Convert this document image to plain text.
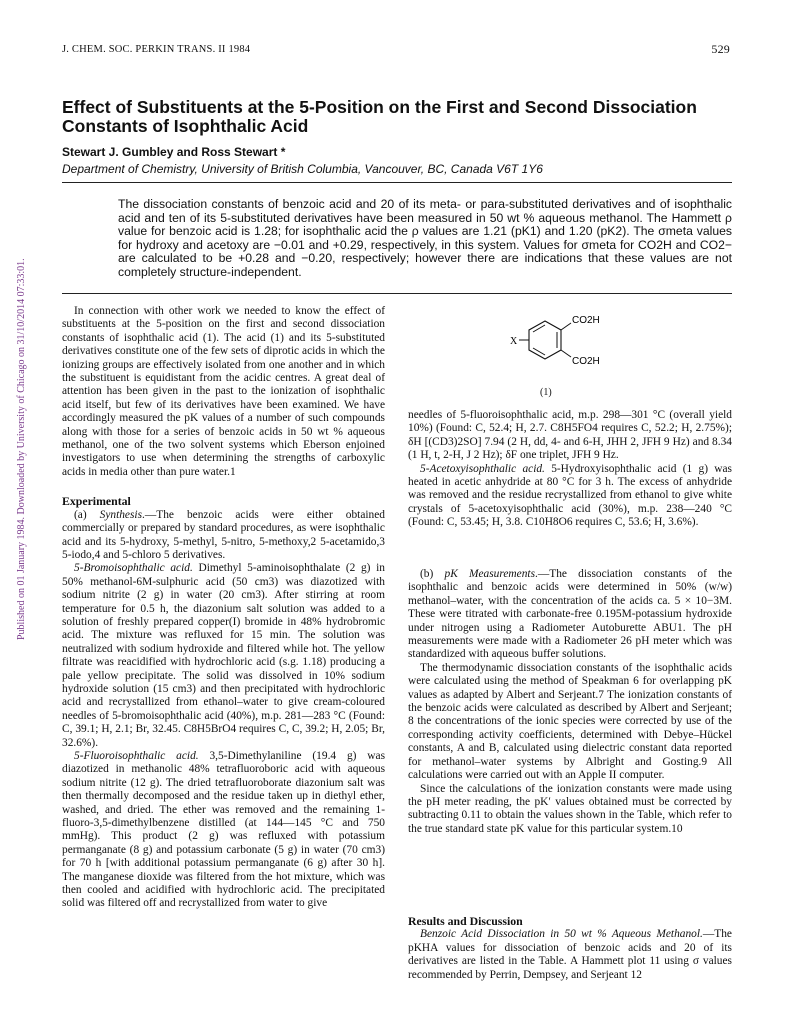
J. CHEM. SOC. PERKIN TRANS. II 1984	529
Published on 01 January 1984. Downloaded by University of Chicago on 31/10/2014 07:33:01.
Effect of Substituents at the 5-Position on the First and Second Dissociation Constants of Isophthalic Acid
Stewart J. Gumbley and Ross Stewart *
Department of Chemistry, University of British Columbia, Vancouver, BC, Canada V6T 1Y6

The dissociation constants of benzoic acid and 20 of its meta- or para-substituted derivatives and of isophthalic acid and ten of its 5-substituted derivatives have been measured in 50 wt % aqueous methanol. The Hammett ρ value for benzoic acid is 1.28; for isophthalic acid the ρ values are 1.21 (pK1) and 1.20 (pK2). The σmeta values for hydroxy and acetoxy are −0.01 and +0.29, respectively, in this system. Values for σmeta for CO2H and CO2− are calculated to be +0.28 and −0.20, respectively; however there are indications that these values are not completely structure-independent.

In connection with other work we needed to know the effect of substituents at the 5-position on the first and second dissociation constants of isophthalic acid (1). The acid (1) and its 5-substituted derivatives constitute one of the few sets of diprotic acids in which the ionizing groups are effectively isolated from one another and in which the substituent is equidistant from the acidic centres. A great deal of attention has been given in the past to the ionization of isophthalic acid itself, but few of its derivatives have been examined. We have accordingly measured the pK values of a number of such compounds along with those for a series of benzoic acids in 50 wt % aqueous methanol, one of the two solvent systems which Eberson enjoined investigators to use when determining the strengths of carboxylic acids in media other than pure water.1

Experimental

(a) Synthesis.—The benzoic acids were either obtained commercially or prepared by standard procedures, as were isophthalic acid and its 5-hydroxy, 5-methyl, 5-nitro, 5-methoxy,2 5-acetamido,3 5-iodo,4 and 5-chloro 5 derivatives.

5-Bromoisophthalic acid. Dimethyl 5-aminoisophthalate (2 g) in 50% methanol-6M-sulphuric acid (50 cm3) was diazotized with sodium nitrite (2 g) in water (20 cm3). After stirring at room temperature for 0.5 h, the diazonium salt solution was added to a solution of freshly prepared copper(I) bromide in 48% hydrobromic acid. The mixture was refluxed for 15 min. The solution was neutralized with sodium hydroxide and filtered while hot. The yellow filtrate was reacidified with hydrochloric acid (s.g. 1.18) producing a pale yellow precipitate. The solid was dissolved in 10% sodium hydroxide solution (15 cm3) and then precipitated with hydrochloric acid and recrystallized from ethanol–water to give cream-coloured needles of 5-bromoisophthalic acid (40%), m.p. 281—283 °C (Found: C, 39.1; H, 2.1; Br, 32.45. C8H5BrO4 requires C, C, 39.2; H, 2.05; Br, 32.6%).

5-Fluoroisophthalic acid. 3,5-Dimethylaniline (19.4 g) was diazotized in methanolic 48% tetrafluoroboric acid with aqueous sodium nitrite (12 g). The dried tetrafluoroborate diazonium salt was then thermally decomposed and the residue taken up in diethyl ether, washed, and dried. The ether was removed and the remaining 1-fluoro-3,5-dimethylbenzene distilled (at 144—145 °C and 750 mmHg). This product (2 g) was refluxed with potassium permanganate (8 g) and potassium carbonate (5 g) in water (70 cm3) for 70 h [with additional potassium permanganate (6 g) after 30 h]. The manganese dioxide was filtered from the hot mixture, which was then cooled and acidified with hydrochloric acid. The precipitated solid was filtered off and recrystallized from water to give

X
CO2H
CO2H
(1)

needles of 5-fluoroisophthalic acid, m.p. 298—301 °C (overall yield 10%) (Found: C, 52.4; H, 2.7. C8H5FO4 requires C, 52.2; H, 2.75%); δH [(CD3)2SO] 7.94 (2 H, dd, 4- and 6-H, JHH 2, JFH 9 Hz) and 8.34 (1 H, t, 2-H, J 2 Hz); δF one triplet, JFH 9 Hz.

5-Acetoxyisophthalic acid. 5-Hydroxyisophthalic acid (1 g) was heated in acetic anhydride at 80 °C for 3 h. The excess of anhydride was removed and the residue recrystallized from ethanol to give white crystals of 5-acetoxyisophthalic acid (30%), m.p. 238—240 °C (Found: C, 53.45; H, 3.8. C10H8O6 requires C, 53.6; H, 3.6%).

(b) pK Measurements.—The dissociation constants of the isophthalic and benzoic acids were determined in 50% (w/w) methanol–water, with the concentration of the acids ca. 5 × 10−3M. These were titrated with carbonate-free 0.195M-potassium hydroxide under nitrogen using a Radiometer Autoburette ABU1. The pH measurements were made with a Radiometer 26 pH meter which was standardized with aqueous buffer solutions.

The thermodynamic dissociation constants of the isophthalic acids were calculated using the method of Speakman 6 for overlapping pK values as adapted by Albert and Serjeant.7 The ionization constants of the benzoic acids were calculated as described by Albert and Serjeant; 8 the concentrations of the ionic species were corrected by use of the corresponding activity coefficients, determined with Debye–Hückel constants, A and B, calculated using dielectric constant data reported for methanol–water systems by Albright and Gosting.9 All calculations were carried out with an Apple II computer.

Since the calculations of the ionization constants were made using the pH meter reading, the pK′ values obtained must be corrected by subtracting 0.11 to obtain the values shown in the Table, which refer to the true standard state pK value for this particular system.10

Results and Discussion

Benzoic Acid Dissociation in 50 wt % Aqueous Methanol.—The pKHA values for dissociation of benzoic acids and 20 of its derivatives are listed in the Table. A Hammett plot 11 using σ values recommended by Perrin, Dempsey, and Serjeant 12
